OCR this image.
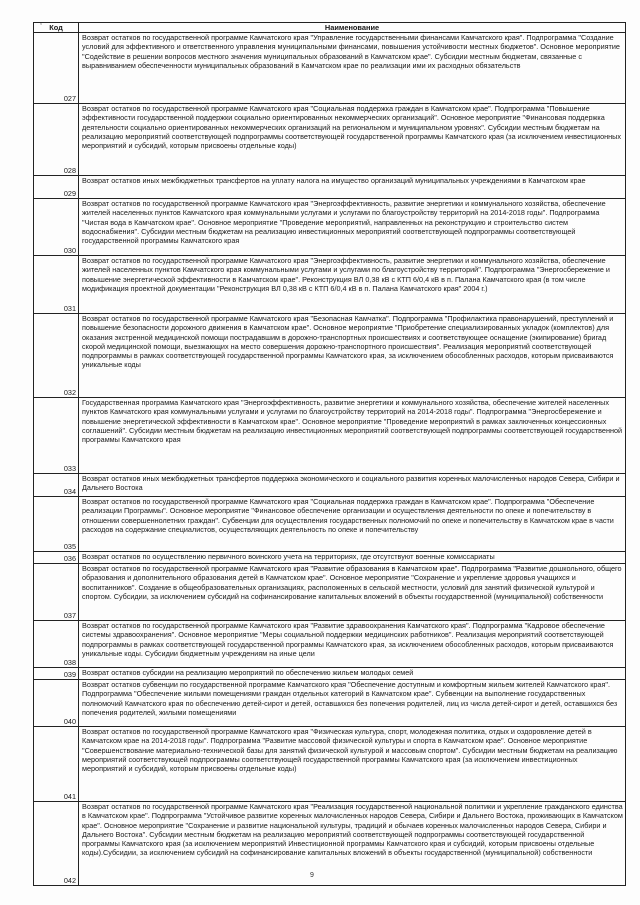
,
Код	Наименование
027	Возврат остатков по государственной программе Камчатского края "Управление государственными финансами Камчатского края". Подпрограмма "Создание условий для эффективного и ответственного управления муниципальными финансами, повышения устойчивости местных бюджетов". Основное мероприятие "Содействие в решении вопросов местного значения муниципальных образований в Камчатском крае". Субсидии местным бюджетам, связанные с выравниванием обеспеченности муниципальных образований в Камчатском крае по реализации ими их расходных обязательств
028	Возврат остатков по государственной программе Камчатского края "Социальная поддержка граждан в Камчатском крае". Подпрограмма "Повышение эффективности государственной поддержки социально ориентированных некоммерческих организаций". Основное мероприятие "Финансовая поддержка деятельности социально ориентированных некоммерческих организаций на региональном и муниципальном уровнях". Субсидии местным бюджетам на реализацию мероприятий соответствующей подпрограммы соответствующей государственной программы Камчатского края (за исключением инвестиционных мероприятий и субсидий, которым присвоены отдельные коды)
029	Возврат остатков иных межбюджетных трансфертов на уплату налога на имущество организаций муниципальных учреждениями в Камчатском крае
030	Возврат остатков по государственной программе Камчатского края "Энергоэффективность, развитие энергетики и коммунального хозяйства, обеспечение жителей населенных пунктов Камчатского края коммунальными услугами и услугами по благоустройству территорий на 2014-2018 годы". Подпрограмма "Чистая вода в Камчатском крае". Основное мероприятие "Проведение мероприятий, направленных на реконструкцию и строительство систем водоснабжения". Субсидии местным бюджетам на реализацию инвестиционных мероприятий соответствующей подпрограммы соответствующей государственной программы Камчатского края
031	Возврат остатков по государственной программе Камчатского края "Энергоэффективность, развитие энергетики и коммунального хозяйства, обеспечение жителей населенных пунктов Камчатского края коммунальными услугами и услугами по благоустройству территорий". Подпрограмма "Энергосбережение и повышение энергетической эффективности в Камчатском крае". Реконструкция ВЛ 0,38 кВ с КТП 6/0,4 кВ в п. Палана Камчатского края (в том числе модификация проектной документации "Реконструкция ВЛ 0,38 кВ с КТП 6/0,4 кВ в п. Палана Камчатского края" 2004 г.)
032	Возврат остатков по государственной программе Камчатского края "Безопасная Камчатка". Подпрограмма "Профилактика правонарушений, преступлений и повышение безопасности дорожного движения в Камчатском крае". Основное мероприятие "Приобретение специализированных укладок (комплектов) для оказания экстренной медицинской помощи пострадавшим в дорожно-транспортных происшествиях и соответствующее оснащение (экипирование) бригад скорой медицинской помощи, выезжающих на место совершения дорожно-транспортного происшествия". Реализация мероприятий соответствующей подпрограммы в рамках соответствующей государственной программы Камчатского края, за исключением обособленных расходов, которым присваиваются уникальные коды
033	Государственная программа Камчатского края "Энергоэффективность, развитие энергетики и коммунального хозяйства, обеспечение жителей населенных пунктов Камчатского края коммунальными услугами и услугами по благоустройству территорий на 2014-2018 годы". Подпрограмма "Энергосбережение и повышение энергетической эффективности в Камчатском крае". Основное мероприятие "Проведение мероприятий в рамках заключенных концессионных соглашений". Субсидии местным бюджетам на реализацию инвестиционных мероприятий соответствующей подпрограммы соответствующей государственной программы Камчатского края
034	Возврат остатков иных межбюджетных трансфертов поддержка экономического и социального развития коренных малочисленных народов Севера, Сибири и Дальнего Востока
035	Возврат остатков по государственной программе Камчатского края "Социальная поддержка граждан в Камчатском крае". Подпрограмма "Обеспечение реализации Программы". Основное мероприятие "Финансовое обеспечение организации и осуществления деятельности по опеке и попечительству в отношении совершеннолетних граждан". Субвенции для осуществления государственных полномочий по опеке и попечительству в Камчатском крае в части расходов на содержание специалистов, осуществляющих деятельность по опеке и попечительству
036	Возврат остатков по осуществлению первичного воинского учета на территориях, где отсутствуют военные комиссариаты
037	Возврат остатков по государственной программе Камчатского края "Развитие образования в Камчатском крае". Подпрограмма "Развитие дошкольного, общего образования и дополнительного образования детей в Камчатском крае". Основное мероприятие "Сохранение и укрепление здоровья учащихся и воспитанников". Создание в общеобразовательных организациях, расположенных в сельской местности, условий для занятий физической культурой и спортом. Субсидии, за исключением субсидий на софинансирование капитальных вложений в объекты государственной (муниципальной) собственности
038	Возврат остатков по государственной программе Камчатского края "Развитие здравоохранения Камчатского края". Подпрограмма "Кадровое обеспечение системы здравоохранения". Основное мероприятие "Меры социальной поддержки медицинских работников". Реализация мероприятий соответствующей подпрограммы в рамках соответствующей государственной программы Камчатского края, за исключением обособленных расходов, которым присваиваются уникальные коды. Субсидии бюджетным учреждениям на иные цели
039	Возврат остатков субсидии на реализацию мероприятий по обеспечению жильем молодых семей
040	Возврат остатков субвенции по государственной программе Камчатского края "Обеспечение доступным и комфортным жильем жителей Камчатского края". Подпрограмма "Обеспечение жилыми помещениями граждан отдельных категорий в Камчатском крае". Субвенции на выполнение государственных полномочий Камчатского края по обеспечению детей-сирот и детей, оставшихся без попечения родителей, лиц из числа детей-сирот и детей, оставшихся без попечения родителей, жилыми помещениями
041	Возврат остатков по государственной программе Камчатского края "Физическая культура, спорт, молодежная политика, отдых и оздоровление детей в Камчатском крае на 2014-2018 годы". Подпрограмма "Развитие массовой физической культуры и спорта в Камчатском крае". Основное мероприятие "Совершенствование материально-технической базы для занятий физической культурой и массовым спортом". Субсидии местным бюджетам на реализацию мероприятий соответствующей подпрограммы соответствующей государственной программы Камчатского края (за исключением инвестиционных мероприятий и субсидий, которым присвоены отдельные коды)
042	Возврат остатков по государственной программе Камчатского края "Реализация государственной национальной политики и укрепление гражданского единства в Камчатском крае". Подпрограмма "Устойчивое развитие коренных малочисленных народов Севера, Сибири и Дальнего Востока, проживающих в Камчатском крае". Основное мероприятие "Сохранение и развитие национальной культуры, традиций и обычаев коренных малочисленных народов Севера, Сибири и Дальнего Востока". Субсидии местным бюджетам на реализацию мероприятий соответствующей подпрограммы соответствующей государственной программы Камчатского края (за исключением мероприятий Инвестиционной программы Камчатского края и субсидий, которым присвоены отдельные коды).Субсидии, за исключением субсидий на софинансирование капитальных вложений в объекты государственной (муниципальной) собственности
9
